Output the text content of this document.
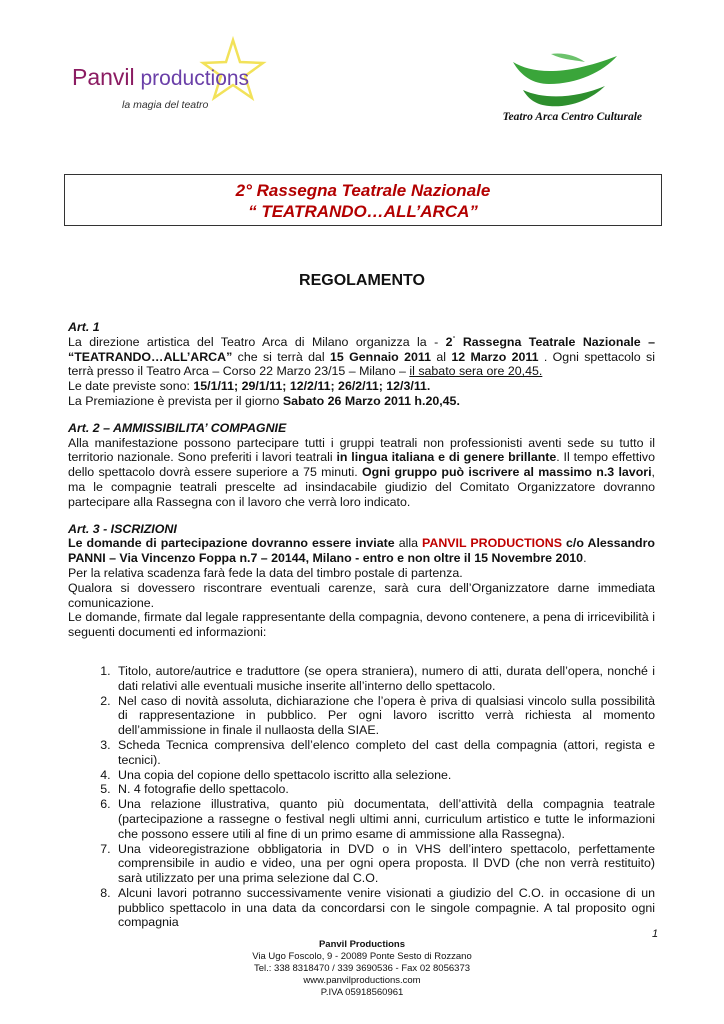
Panvil productions
la magia del teatro
Teatro Arca Centro Culturale
2° Rassegna Teatrale Nazionale
“ TEATRANDO…ALL’ARCA”
REGOLAMENTO
Art. 1
La direzione artistica del Teatro Arca di Milano organizza la - 2° Rassegna Teatrale Nazionale – “TEATRANDO…ALL’ARCA” che si terrà dal 15 Gennaio 2011 al 12 Marzo 2011 . Ogni spettacolo si terrà presso il Teatro Arca – Corso 22 Marzo 23/15 – Milano – il sabato sera ore 20,45.
Le date previste sono: 15/1/11; 29/1/11; 12/2/11; 26/2/11; 12/3/11.
La Premiazione è prevista per il giorno Sabato 26 Marzo 2011 h.20,45.
Art. 2 – AMMISSIBILITA’ COMPAGNIE
Alla manifestazione possono partecipare tutti i gruppi teatrali non professionisti aventi sede su tutto il territorio nazionale. Sono preferiti i lavori teatrali in lingua italiana e di genere brillante. Il tempo effettivo dello spettacolo dovrà essere superiore a 75 minuti. Ogni gruppo può iscrivere al massimo n.3 lavori, ma le compagnie teatrali prescelte ad insindacabile giudizio del Comitato Organizzatore dovranno partecipare alla Rassegna con il lavoro che verrà loro indicato.
Art. 3 - ISCRIZIONI
Le domande di partecipazione dovranno essere inviate alla PANVIL PRODUCTIONS c/o Alessandro PANNI – Via Vincenzo Foppa n.7 – 20144, Milano - entro e non oltre il 15 Novembre 2010.
Per la relativa scadenza farà fede la data del timbro postale di partenza.
Qualora si dovessero riscontrare eventuali carenze, sarà cura dell’Organizzatore darne immediata comunicazione.
Le domande, firmate dal legale rappresentante della compagnia, devono contenere, a pena di irricevibilità i seguenti documenti ed informazioni:
1. Titolo, autore/autrice e traduttore (se opera straniera), numero di atti, durata dell’opera, nonché i dati relativi alle eventuali musiche inserite all’interno dello spettacolo.
2. Nel caso di novità assoluta, dichiarazione che l’opera è priva di qualsiasi vincolo sulla possibilità di rappresentazione in pubblico. Per ogni lavoro iscritto verrà richiesta al momento dell’ammissione in finale il nullaosta della SIAE.
3. Scheda Tecnica comprensiva dell’elenco completo del cast della compagnia (attori, regista e tecnici).
4. Una copia del copione dello spettacolo iscritto alla selezione.
5. N. 4 fotografie dello spettacolo.
6. Una relazione illustrativa, quanto più documentata, dell’attività della compagnia teatrale (partecipazione a rassegne o festival negli ultimi anni, curriculum artistico e tutte le informazioni che possono essere utili al fine di un primo esame di ammissione alla Rassegna).
7. Una videoregistrazione obbligatoria in DVD o in VHS dell’intero spettacolo, perfettamente comprensibile in audio e video, una per ogni opera proposta. Il DVD (che non verrà restituito) sarà utilizzato per una prima selezione dal C.O.
8. Alcuni lavori potranno successivamente venire visionati a giudizio del C.O. in occasione di un pubblico spettacolo in una data da concordarsi con le singole compagnie. A tal proposito ogni compagnia
1
Panvil Productions
Via Ugo Foscolo, 9 - 20089 Ponte Sesto di Rozzano
Tel.: 338 8318470 / 339 3690536 - Fax 02 8056373
www.panvilproductions.com
P.IVA 05918560961
